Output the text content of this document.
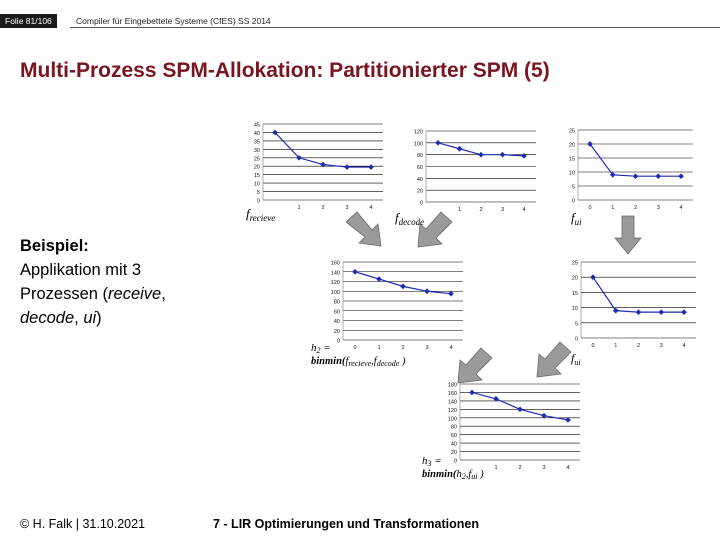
Folie 81/106	Compiler für Eingebettete Systeme (CfES) SS 2014
Multi-Prozess SPM-Allokation: Partitionierter SPM (5)
Beispiel:
Applikation mit 3
Prozessen (receive,
decode, ui)
$f_{recieve}$	$f_{decode}$	$f_{ui}$
$f_{ui}$
h2 =
binmin(frecieve,fdecode )
h3 =
binmin(h2,fui )
0
5
10
15
20
25
30
35
40
45
1	2	3	4
0
20
40
60
80
100
120
1	2	3	4
0
5
10
15
20
25
0	1	2	3	4
0
20
40
60
80
100
120
140
160
0	1	2	3	4
0
5
10
15
20
25
0	1	2	3	4
0
20
40
60
80
100
120
140
160
180
1	2	3	4
© H. Falk | 31.10.2021	7 - LIR Optimierungen und Transformationen
